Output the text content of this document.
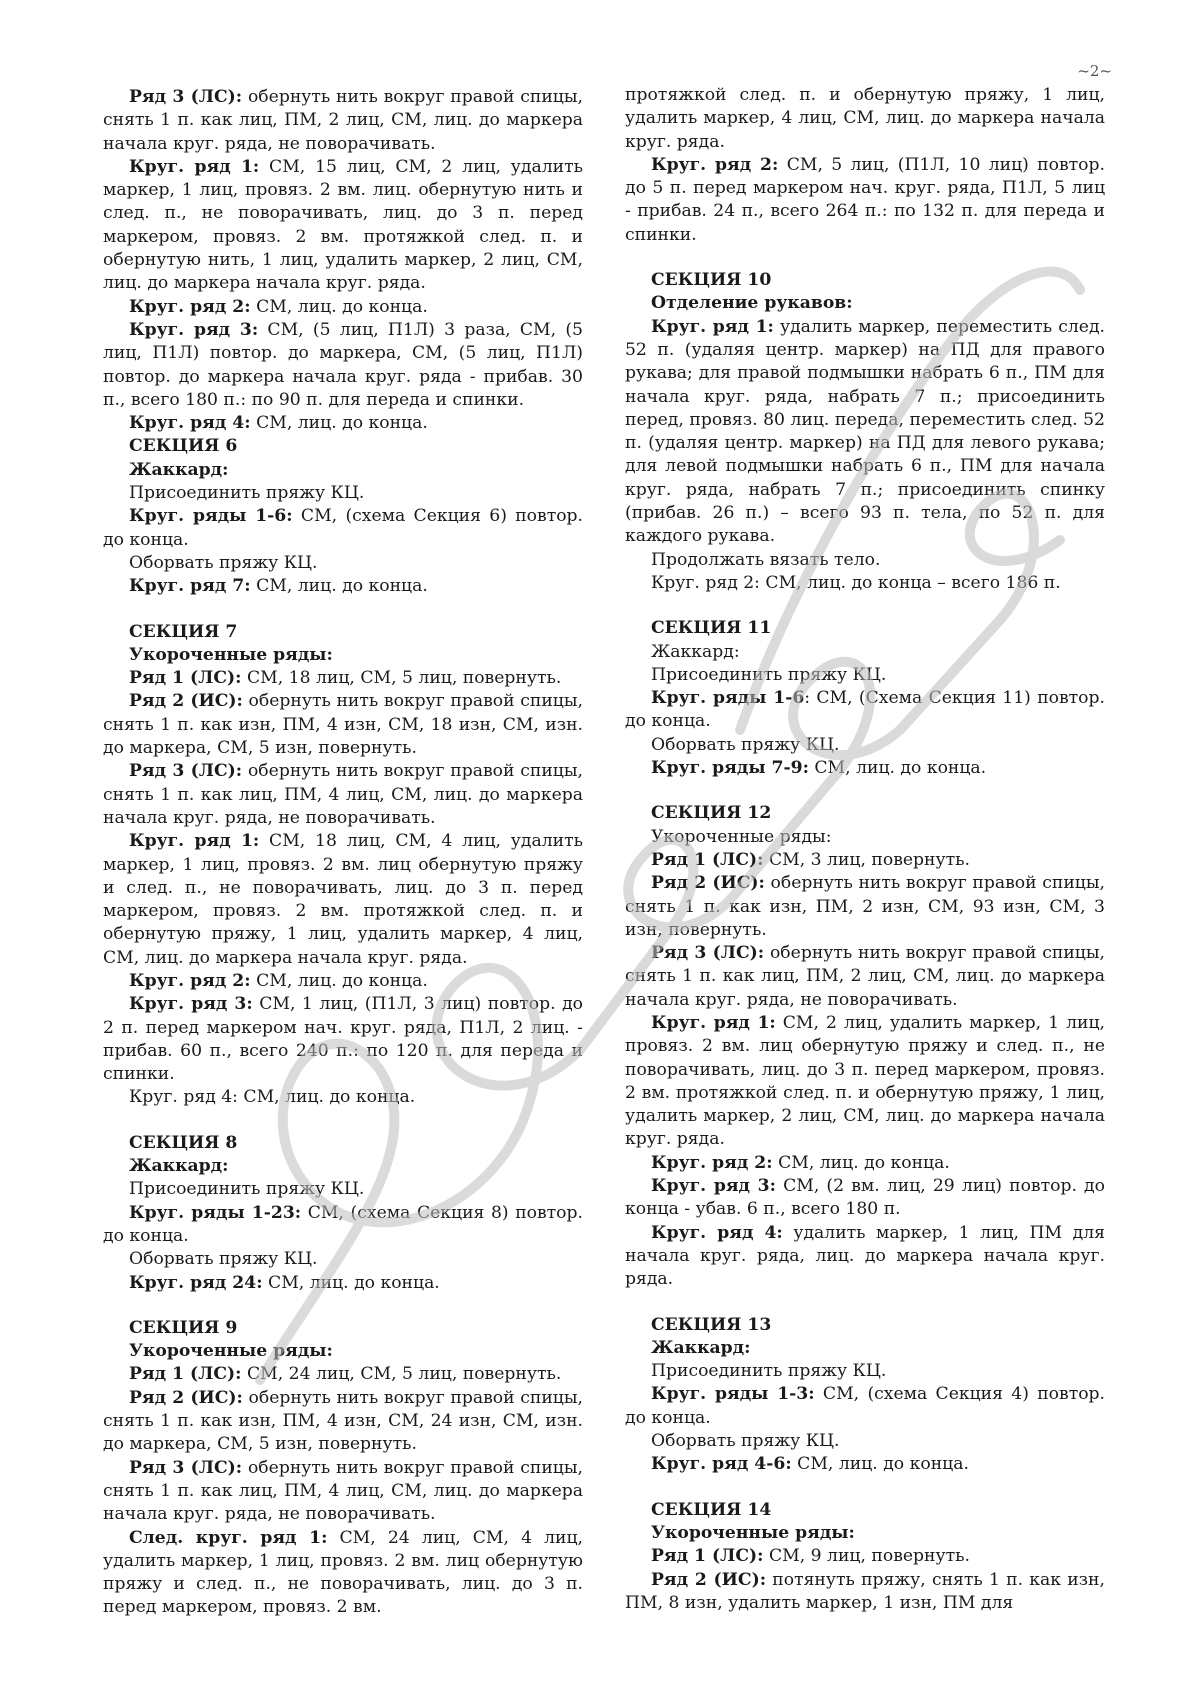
~2~

Ряд 3 (ЛС): обернуть нить вокруг правой спицы, снять 1 п. как лиц, ПМ, 2 лиц, СМ, лиц. до маркера начала круг. ряда, не поворачивать.

Круг. ряд 1: СМ, 15 лиц, СМ, 2 лиц, удалить маркер, 1 лиц, провяз. 2 вм. лиц. обернутую нить и след. п., не поворачивать, лиц. до 3 п. перед маркером, провяз. 2 вм. протяжкой след. п. и обернутую нить, 1 лиц, удалить маркер, 2 лиц, СМ, лиц. до маркера начала круг. ряда.

Круг. ряд 2: СМ, лиц. до конца.

Круг. ряд 3: СМ, (5 лиц, П1Л) 3 раза, СМ, (5 лиц, П1Л) повтор. до маркера, СМ, (5 лиц, П1Л) повтор. до маркера начала круг. ряда - прибав. 30 п., всего 180 п.: по 90 п. для переда и спинки.

Круг. ряд 4: СМ, лиц. до конца.

СЕКЦИЯ 6

Жаккард:

Присоединить пряжу КЦ.

Круг. ряды 1-6: СМ, (схема Секция 6) повтор. до конца.

Оборвать пряжу КЦ.

Круг. ряд 7: СМ, лиц. до конца.

СЕКЦИЯ 7

Укороченные ряды:

Ряд 1 (ЛС): СМ, 18 лиц, СМ, 5 лиц, повернуть.

Ряд 2 (ИС): обернуть нить вокруг правой спицы, снять 1 п. как изн, ПМ, 4 изн, СМ, 18 изн, СМ, изн. до маркера, СМ, 5 изн, повернуть.

Ряд 3 (ЛС): обернуть нить вокруг правой спицы, снять 1 п. как лиц, ПМ, 4 лиц, СМ, лиц. до маркера начала круг. ряда, не поворачивать.

Круг. ряд 1: СМ, 18 лиц, СМ, 4 лиц, удалить маркер, 1 лиц, провяз. 2 вм. лиц обернутую пряжу и след. п., не поворачивать, лиц. до 3 п. перед маркером, провяз. 2 вм. протяжкой след. п. и обернутую пряжу, 1 лиц, удалить маркер, 4 лиц, СМ, лиц. до маркера начала круг. ряда.

Круг. ряд 2: СМ, лиц. до конца.

Круг. ряд 3: СМ, 1 лиц, (П1Л, 3 лиц) повтор. до 2 п. перед маркером нач. круг. ряда, П1Л, 2 лиц. - прибав. 60 п., всего 240 п.: по 120 п. для переда и спинки.

Круг. ряд 4: СМ, лиц. до конца.

СЕКЦИЯ 8

Жаккард:

Присоединить пряжу КЦ.

Круг. ряды 1-23: СМ, (схема Секция 8) повтор. до конца.

Оборвать пряжу КЦ.

Круг. ряд 24: СМ, лиц. до конца.

СЕКЦИЯ 9

Укороченные ряды:

Ряд 1 (ЛС): СМ, 24 лиц, СМ, 5 лиц, повернуть.

Ряд 2 (ИС): обернуть нить вокруг правой спицы, снять 1 п. как изн, ПМ, 4 изн, СМ, 24 изн, СМ, изн. до маркера, СМ, 5 изн, повернуть.

Ряд 3 (ЛС): обернуть нить вокруг правой спицы, снять 1 п. как лиц, ПМ, 4 лиц, СМ, лиц. до маркера начала круг. ряда, не поворачивать.

След. круг. ряд 1: СМ, 24 лиц, СМ, 4 лиц, удалить маркер, 1 лиц, провяз. 2 вм. лиц обернутую пряжу и след. п., не поворачивать, лиц. до 3 п. перед маркером, провяз. 2 вм.

протяжкой след. п. и обернутую пряжу, 1 лиц, удалить маркер, 4 лиц, СМ, лиц. до маркера начала круг. ряда.

Круг. ряд 2: СМ, 5 лиц, (П1Л, 10 лиц) повтор. до 5 п. перед маркером нач. круг. ряда, П1Л, 5 лиц - прибав. 24 п., всего 264 п.: по 132 п. для переда и спинки.

СЕКЦИЯ 10

Отделение рукавов:

Круг. ряд 1: удалить маркер, переместить след. 52 п. (удаляя центр. маркер) на ПД для правого рукава; для правой подмышки набрать 6 п., ПМ для начала круг. ряда, набрать 7 п.; присоединить перед, провяз. 80 лиц. переда, переместить след. 52 п. (удаляя центр. маркер) на ПД для левого рукава; для левой подмышки набрать 6 п., ПМ для начала круг. ряда, набрать 7 п.; присоединить спинку (прибав. 26 п.) – всего 93 п. тела, по 52 п. для каждого рукава.

Продолжать вязать тело.

Круг. ряд 2: СМ, лиц. до конца – всего 186 п.

СЕКЦИЯ 11

Жаккард:

Присоединить пряжу КЦ.

Круг. ряды 1-6: СМ, (Схема Секция 11) повтор. до конца.

Оборвать пряжу КЦ.

Круг. ряды 7-9: СМ, лиц. до конца.

СЕКЦИЯ 12

Укороченные ряды:

Ряд 1 (ЛС): СМ, 3 лиц, повернуть.

Ряд 2 (ИС): обернуть нить вокруг правой спицы, снять 1 п. как изн, ПМ, 2 изн, СМ, 93 изн, СМ, 3 изн, повернуть.

Ряд 3 (ЛС): обернуть нить вокруг правой спицы, снять 1 п. как лиц, ПМ, 2 лиц, СМ, лиц. до маркера начала круг. ряда, не поворачивать.

Круг. ряд 1: СМ, 2 лиц, удалить маркер, 1 лиц, провяз. 2 вм. лиц обернутую пряжу и след. п., не поворачивать, лиц. до 3 п. перед маркером, провяз. 2 вм. протяжкой след. п. и обернутую пряжу, 1 лиц, удалить маркер, 2 лиц, СМ, лиц. до маркера начала круг. ряда.

Круг. ряд 2: СМ, лиц. до конца.

Круг. ряд 3: СМ, (2 вм. лиц, 29 лиц) повтор. до конца - убав. 6 п., всего 180 п.

Круг. ряд 4: удалить маркер, 1 лиц, ПМ для начала круг. ряда, лиц. до маркера начала круг. ряда.

СЕКЦИЯ 13

Жаккард:

Присоединить пряжу КЦ.

Круг. ряды 1-3: СМ, (схема Секция 4) повтор. до конца.

Оборвать пряжу КЦ.

Круг. ряд 4-6: СМ, лиц. до конца.

СЕКЦИЯ 14

Укороченные ряды:

Ряд 1 (ЛС): СМ, 9 лиц, повернуть.

Ряд 2 (ИС): потянуть пряжу, снять 1 п. как изн, ПМ, 8 изн, удалить маркер, 1 изн, ПМ для
